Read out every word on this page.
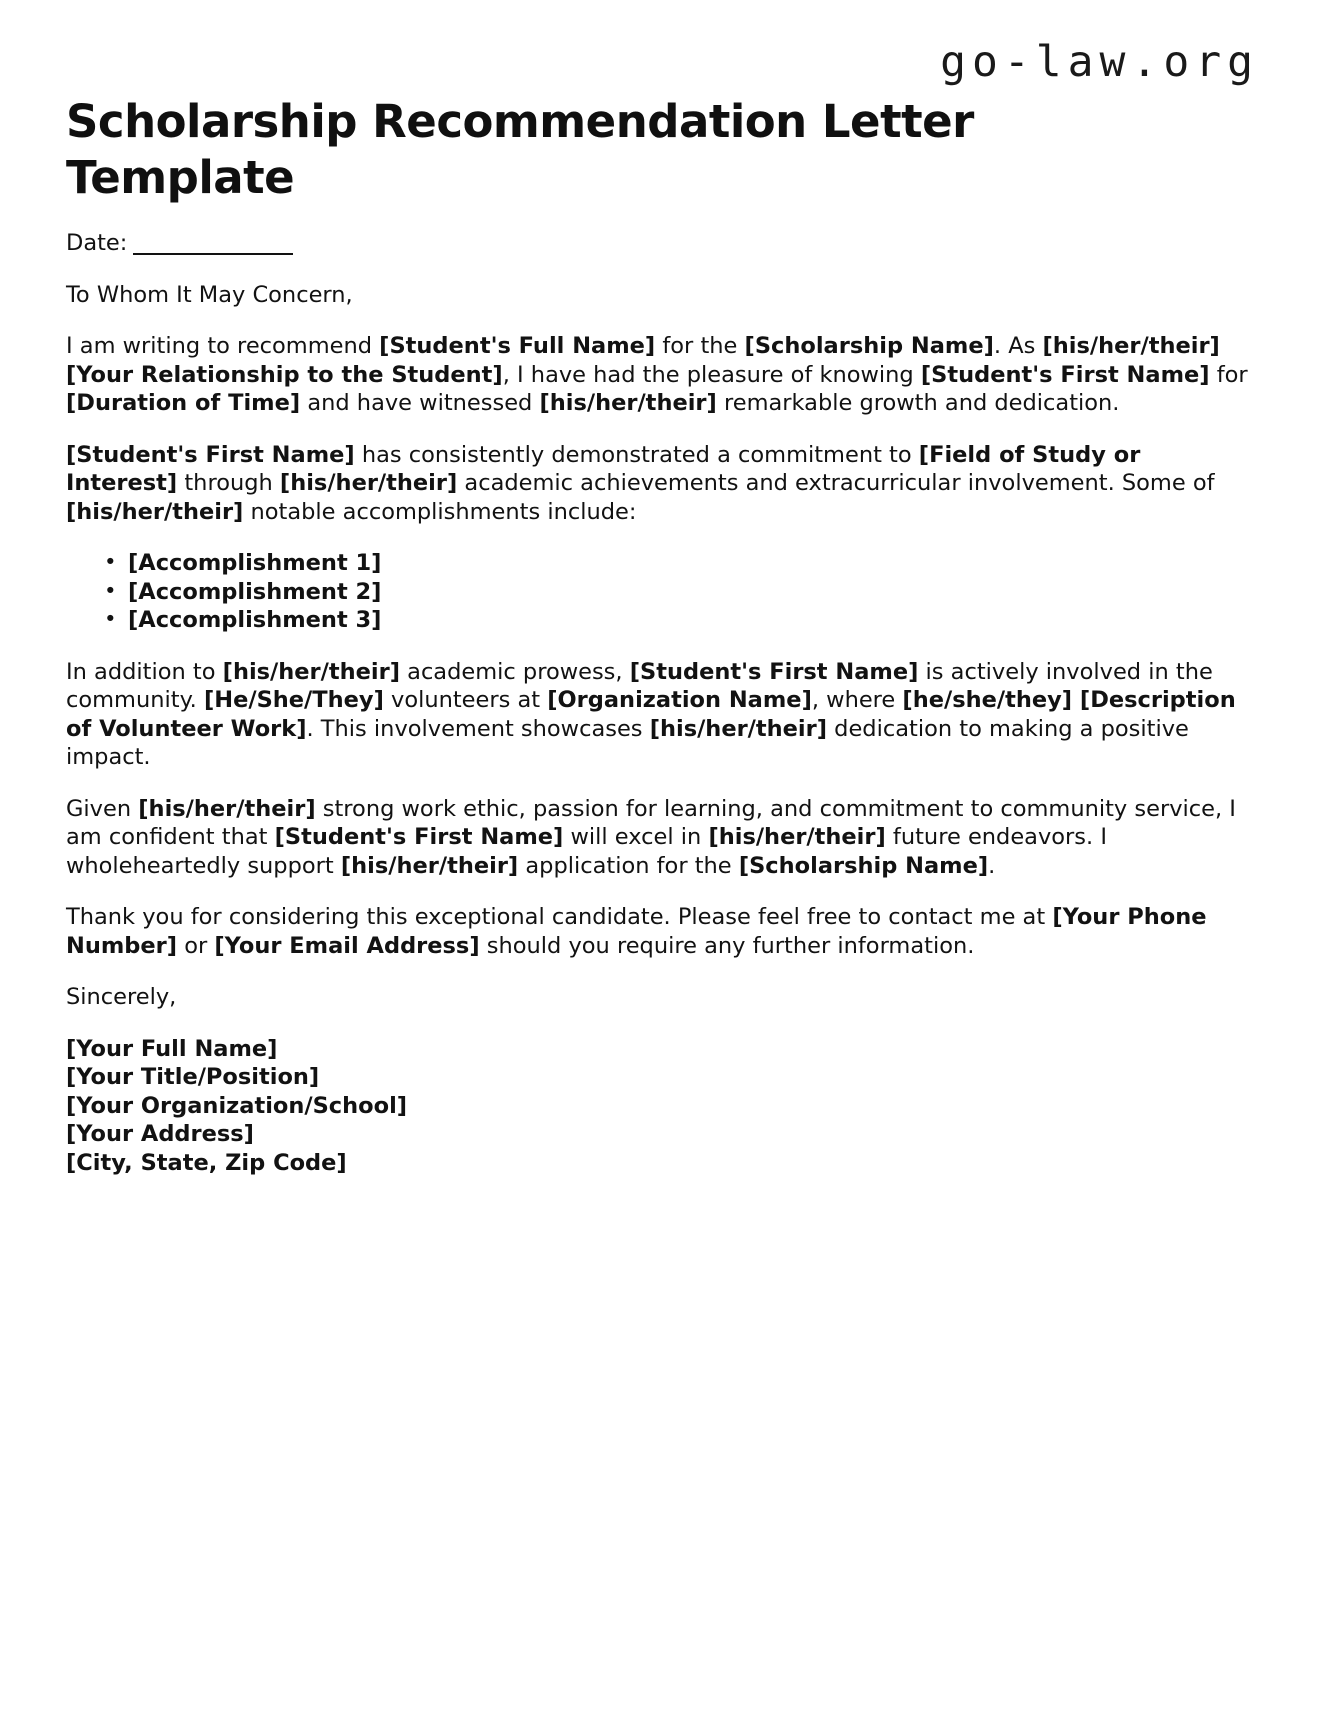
go-law.org
Scholarship Recommendation Letter Template

Date:

To Whom It May Concern,

I am writing to recommend [Student's Full Name] for the [Scholarship Name]. As [his/her/their] [Your Relationship to the Student], I have had the pleasure of knowing [Student's First Name] for [Duration of Time] and have witnessed [his/her/their] remarkable growth and dedication.

[Student's First Name] has consistently demonstrated a commitment to [Field of Study or Interest] through [his/her/their] academic achievements and extracurricular involvement. Some of [his/her/their] notable accomplishments include:

• [Accomplishment 1]
• [Accomplishment 2]
• [Accomplishment 3]

In addition to [his/her/their] academic prowess, [Student's First Name] is actively involved in the community. [He/She/They] volunteers at [Organization Name], where [he/she/they] [Description of Volunteer Work]. This involvement showcases [his/her/their] dedication to making a positive impact.

Given [his/her/their] strong work ethic, passion for learning, and commitment to community service, I am confident that [Student's First Name] will excel in [his/her/their] future endeavors. I wholeheartedly support [his/her/their] application for the [Scholarship Name].

Thank you for considering this exceptional candidate. Please feel free to contact me at [Your Phone Number] or [Your Email Address] should you require any further information.

Sincerely,

[Your Full Name]
[Your Title/Position]
[Your Organization/School]
[Your Address]
[City, State, Zip Code]
